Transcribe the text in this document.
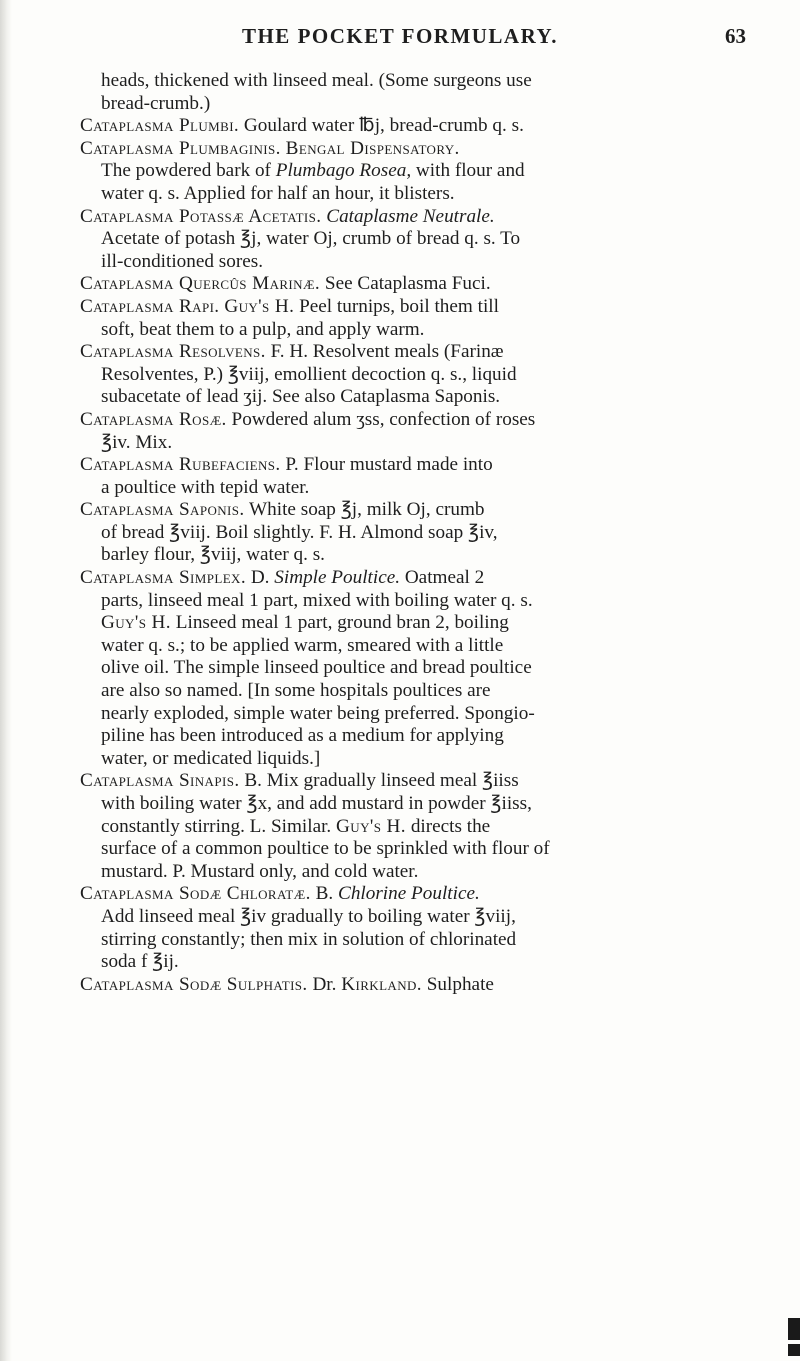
THE POCKET FORMULARY.	63
heads, thickened with linseed meal. (Some surgeons use
bread-crumb.)
Cataplasma Plumbi. Goulard water ℔j, bread-crumb q. s.
Cataplasma Plumbaginis. Bengal Dispensatory.
The powdered bark of Plumbago Rosea, with flour and
water q. s. Applied for half an hour, it blisters.
Cataplasma Potassæ Acetatis. Cataplasme Neutrale.
Acetate of potash ℥j, water Oj, crumb of bread q. s. To
ill-conditioned sores.
Cataplasma Quercûs Marinæ. See Cataplasma Fuci.
Cataplasma Rapi. Guy's H. Peel turnips, boil them till
soft, beat them to a pulp, and apply warm.
Cataplasma Resolvens. F. H. Resolvent meals (Farinæ
Resolventes, P.) ℥viij, emollient decoction q. s., liquid
subacetate of lead ʒij. See also Cataplasma Saponis.
Cataplasma Rosæ. Powdered alum ʒss, confection of roses
℥iv. Mix.
Cataplasma Rubefaciens. P. Flour mustard made into
a poultice with tepid water.
Cataplasma Saponis. White soap ℥j, milk Oj, crumb
of bread ℥viij. Boil slightly. F. H. Almond soap ℥iv,
barley flour, ℥viij, water q. s.
Cataplasma Simplex. D. Simple Poultice. Oatmeal 2
parts, linseed meal 1 part, mixed with boiling water q. s.
Guy's H. Linseed meal 1 part, ground bran 2, boiling
water q. s.; to be applied warm, smeared with a little
olive oil. The simple linseed poultice and bread poultice
are also so named. [In some hospitals poultices are
nearly exploded, simple water being preferred. Spongio-
piline has been introduced as a medium for applying
water, or medicated liquids.]
Cataplasma Sinapis. B. Mix gradually linseed meal ℥iiss
with boiling water ℥x, and add mustard in powder ℥iiss,
constantly stirring. L. Similar. Guy's H. directs the
surface of a common poultice to be sprinkled with flour of
mustard. P. Mustard only, and cold water.
Cataplasma Sodæ Chloratæ. B. Chlorine Poultice.
Add linseed meal ℥iv gradually to boiling water ℥viij,
stirring constantly; then mix in solution of chlorinated
soda f ℥ij.
Cataplasma Sodæ Sulphatis. Dr. Kirkland. Sulphate
